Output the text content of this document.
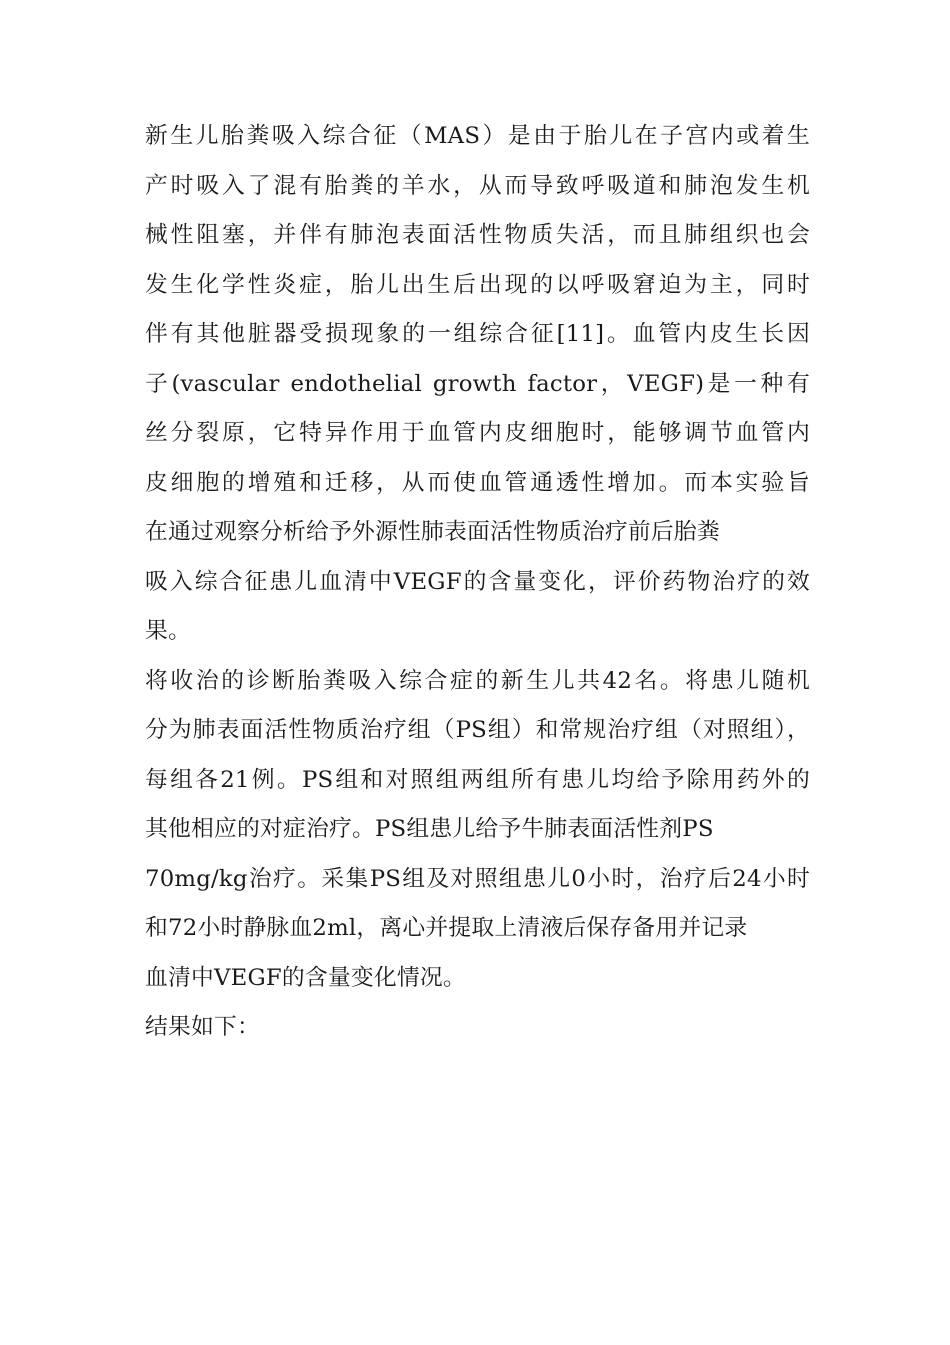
新生儿胎粪吸入综合征（MAS）是由于胎儿在子宫内或着生
产时吸入了混有胎粪的羊水，从而导致呼吸道和肺泡发生机
械性阻塞，并伴有肺泡表面活性物质失活，而且肺组织也会
发生化学性炎症，胎儿出生后出现的以呼吸窘迫为主，同时
伴有其他脏器受损现象的一组综合征[11]。血管内皮生长因
子(vascular endothelial growth factor，VEGF)是一种有
丝分裂原，它特异作用于血管内皮细胞时，能够调节血管内
皮细胞的增殖和迁移，从而使血管通透性增加。而本实验旨
在通过观察分析给予外源性肺表面活性物质治疗前后胎粪
吸入综合征患儿血清中VEGF的含量变化，评价药物治疗的效
果。
将收治的诊断胎粪吸入综合症的新生儿共42名。将患儿随机
分为肺表面活性物质治疗组（PS组）和常规治疗组（对照组），
每组各21例。PS组和对照组两组所有患儿均给予除用药外的
其他相应的对症治疗。PS组患儿给予牛肺表面活性剂PS
70mg/kg治疗。采集PS组及对照组患儿0小时，治疗后24小时
和72小时静脉血2ml，离心并提取上清液后保存备用并记录
血清中VEGF的含量变化情况。
结果如下：
